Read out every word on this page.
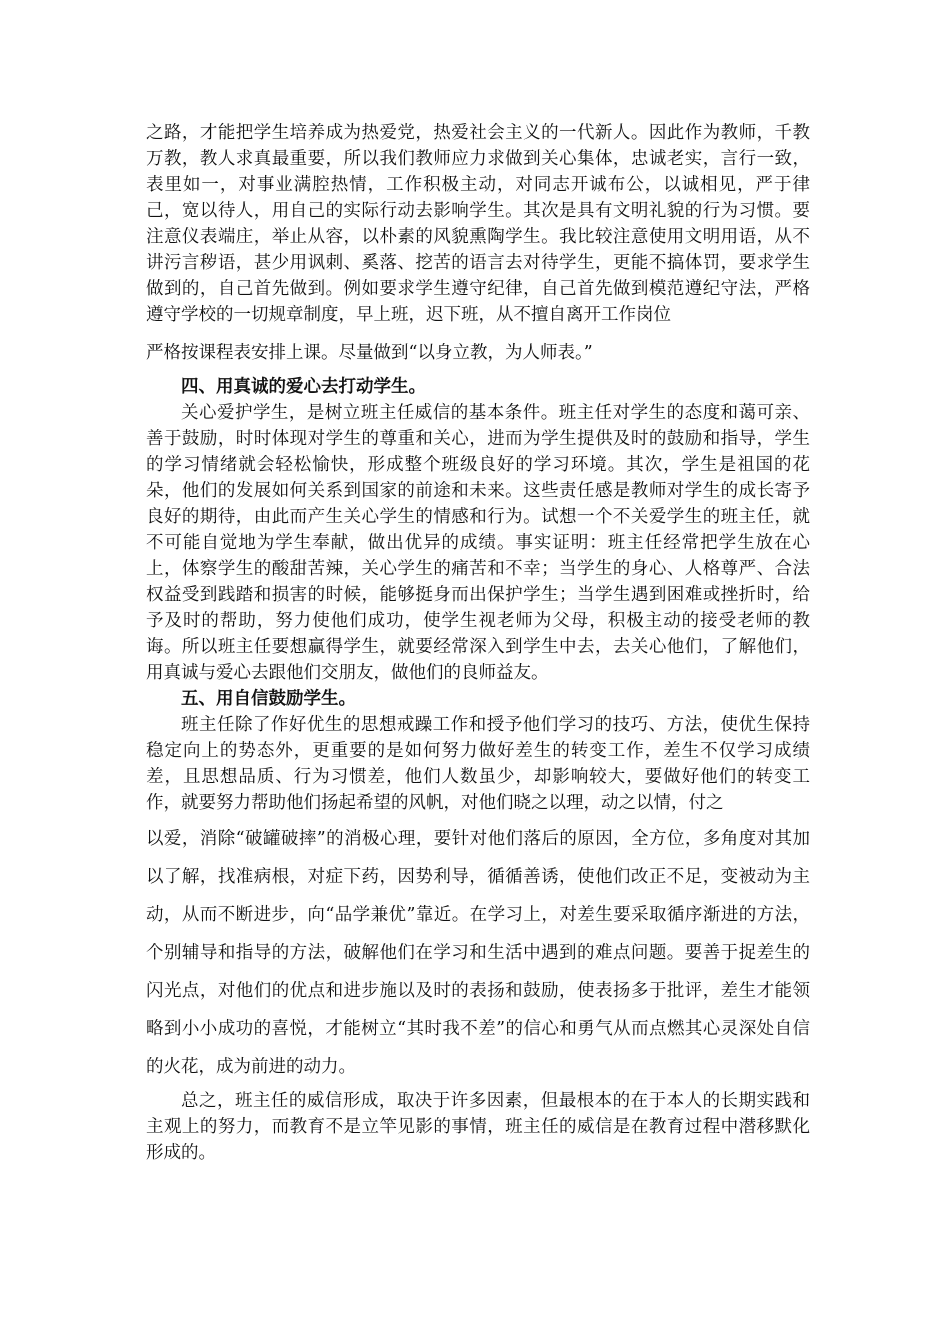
之路，才能把学生培养成为热爱党，热爱社会主义的一代新人。因此作为教师，千教万教，教人求真最重要，所以我们教师应力求做到关心集体，忠诚老实，言行一致，表里如一，对事业满腔热情，工作积极主动，对同志开诚布公，以诚相见，严于律己，宽以待人，用自己的实际行动去影响学生。其次是具有文明礼貌的行为习惯。要注意仪表端庄，举止从容，以朴素的风貌熏陶学生。我比较注意使用文明用语，从不讲污言秽语，甚少用讽刺、奚落、挖苦的语言去对待学生，更能不搞体罚，要求学生做到的，自己首先做到。例如要求学生遵守纪律，自己首先做到模范遵纪守法，严格遵守学校的一切规章制度，早上班，迟下班，从不擅自离开工作岗位

严格按课程表安排上课。尽量做到“以身立教，为人师表。”

四、用真诚的爱心去打动学生。

关心爱护学生，是树立班主任威信的基本条件。班主任对学生的态度和蔼可亲、善于鼓励，时时体现对学生的尊重和关心，进而为学生提供及时的鼓励和指导，学生的学习情绪就会轻松愉快，形成整个班级良好的学习环境。其次，学生是祖国的花朵，他们的发展如何关系到国家的前途和未来。这些责任感是教师对学生的成长寄予良好的期待，由此而产生关心学生的情感和行为。试想一个不关爱学生的班主任，就不可能自觉地为学生奉献，做出优异的成绩。事实证明：班主任经常把学生放在心上，体察学生的酸甜苦辣，关心学生的痛苦和不幸；当学生的身心、人格尊严、合法权益受到践踏和损害的时候，能够挺身而出保护学生；当学生遇到困难或挫折时，给予及时的帮助，努力使他们成功，使学生视老师为父母，积极主动的接受老师的教诲。所以班主任要想赢得学生，就要经常深入到学生中去，去关心他们，了解他们，用真诚与爱心去跟他们交朋友，做他们的良师益友。

五、用自信鼓励学生。

班主任除了作好优生的思想戒躁工作和授予他们学习的技巧、方法，使优生保持稳定向上的势态外，更重要的是如何努力做好差生的转变工作，差生不仅学习成绩差，且思想品质、行为习惯差，他们人数虽少，却影响较大，要做好他们的转变工作，就要努力帮助他们扬起希望的风帆，对他们晓之以理，动之以情，付之

以爱，消除“破罐破摔”的消极心理，要针对他们落后的原因，全方位，多角度对其加以了解，找准病根，对症下药，因势利导，循循善诱，使他们改正不足，变被动为主动，从而不断进步，向“品学兼优”靠近。在学习上，对差生要采取循序渐进的方法，个别辅导和指导的方法，破解他们在学习和生活中遇到的难点问题。要善于捉差生的闪光点，对他们的优点和进步施以及时的表扬和鼓励，使表扬多于批评，差生才能领略到小小成功的喜悦，才能树立“其时我不差”的信心和勇气从而点燃其心灵深处自信的火花，成为前进的动力。

总之，班主任的威信形成，取决于许多因素，但最根本的在于本人的长期实践和主观上的努力，而教育不是立竿见影的事情，班主任的威信是在教育过程中潜移默化形成的。
